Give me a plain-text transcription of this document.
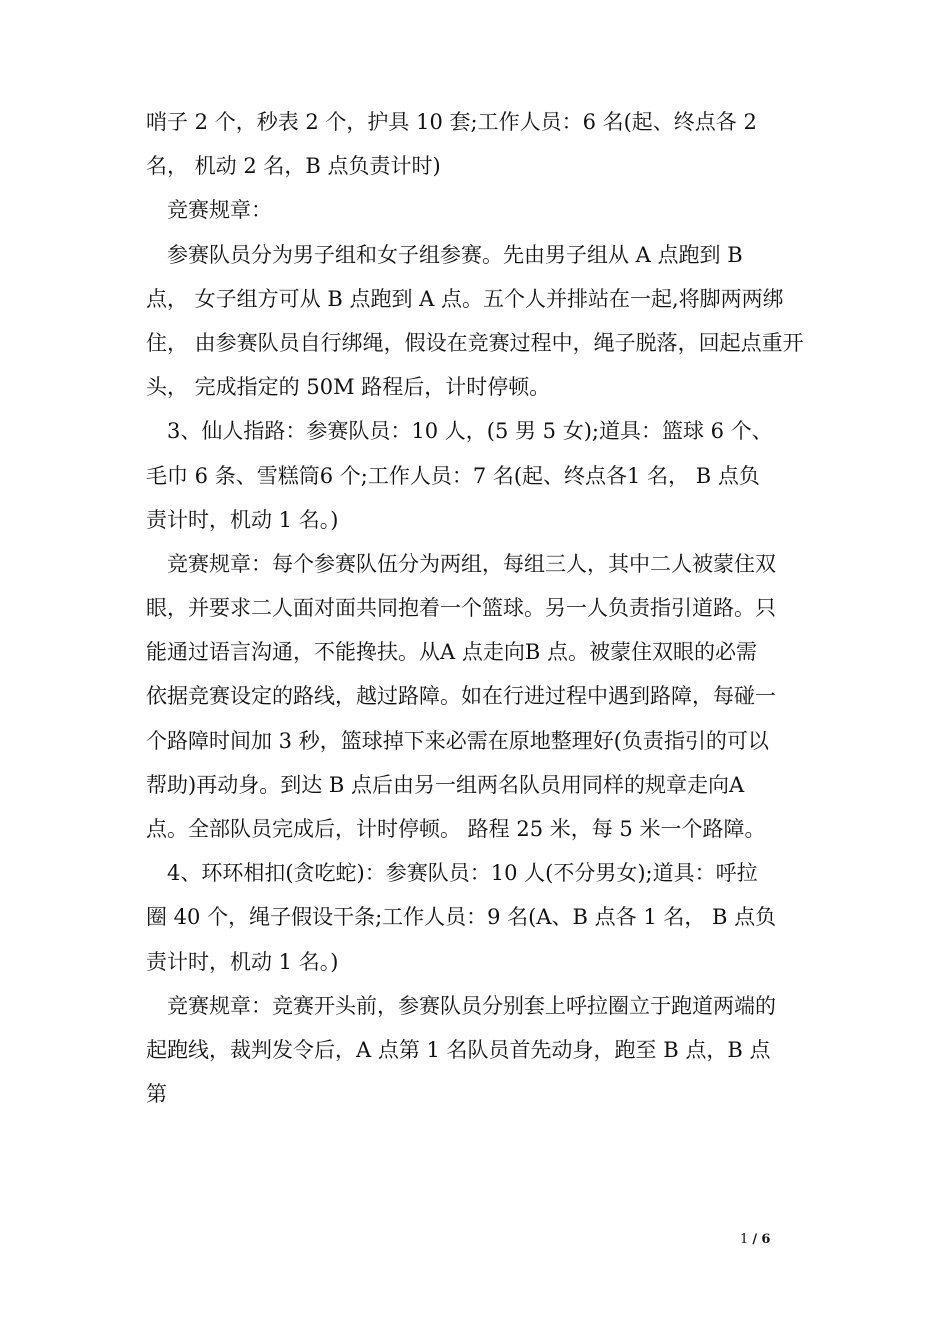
哨子 2 个，秒表 2 个，护具 10 套;工作人员：6 名(起、终点各 2
名， 机动 2 名，B 点负责计时)
竞赛规章：
参赛队员分为男子组和女子组参赛。先由男子组从 A 点跑到 B
点， 女子组方可从 B 点跑到 A 点。五个人并排站在一起,将脚两两绑
住， 由参赛队员自行绑绳，假设在竞赛过程中，绳子脱落，回起点重开
头， 完成指定的 50M 路程后，计时停顿。
3、仙人指路：参赛队员：10 人，(5 男 5 女);道具：篮球 6 个、
毛巾 6 条、雪糕筒6 个;工作人员：7 名(起、终点各1 名， B 点负
责计时，机动 1 名。)
竞赛规章：每个参赛队伍分为两组，每组三人，其中二人被蒙住双
眼，并要求二人面对面共同抱着一个篮球。另一人负责指引道路。只
能通过语言沟通，不能搀扶。从A 点走向B 点。被蒙住双眼的必需
依据竞赛设定的路线，越过路障。如在行进过程中遇到路障，每碰一
个路障时间加 3 秒，篮球掉下来必需在原地整理好(负责指引的可以
帮助)再动身。到达 B 点后由另一组两名队员用同样的规章走向A
点。全部队员完成后，计时停顿。 路程 25 米，每 5 米一个路障。
4、环环相扣(贪吃蛇)：参赛队员：10 人(不分男女);道具：呼拉
圈 40 个，绳子假设干条;工作人员：9 名(A、B 点各 1 名， B 点负
责计时，机动 1 名。)
竞赛规章：竞赛开头前，参赛队员分别套上呼拉圈立于跑道两端的
起跑线，裁判发令后，A 点第 1 名队员首先动身，跑至 B 点，B 点
第
1 / 6
